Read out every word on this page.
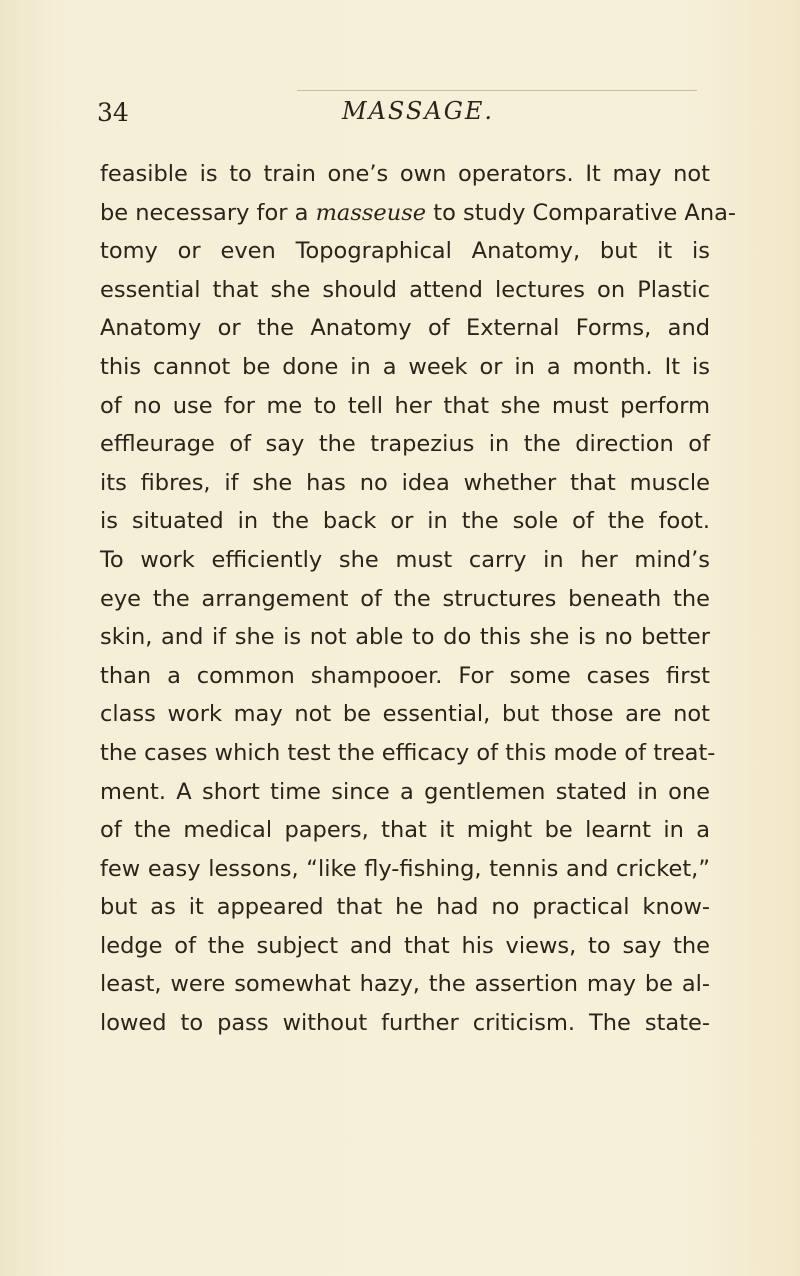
34	MASSAGE.
feasible is to train one’s own operators. It may not
be necessary for a masseuse to study Comparative Ana-
tomy or even Topographical Anatomy, but it is
essential that she should attend lectures on Plastic
Anatomy or the Anatomy of External Forms, and
this cannot be done in a week or in a month. It is
of no use for me to tell her that she must perform
effleurage of say the trapezius in the direction of
its fibres, if she has no idea whether that muscle
is situated in the back or in the sole of the foot.
To work efficiently she must carry in her mind’s
eye the arrangement of the structures beneath the
skin, and if she is not able to do this she is no better
than a common shampooer. For some cases first
class work may not be essential, but those are not
the cases which test the efficacy of this mode of treat-
ment. A short time since a gentlemen stated in one
of the medical papers, that it might be learnt in a
few easy lessons, “like fly-fishing, tennis and cricket,”
but as it appeared that he had no practical know-
ledge of the subject and that his views, to say the
least, were somewhat hazy, the assertion may be al-
lowed to pass without further criticism. The state-
